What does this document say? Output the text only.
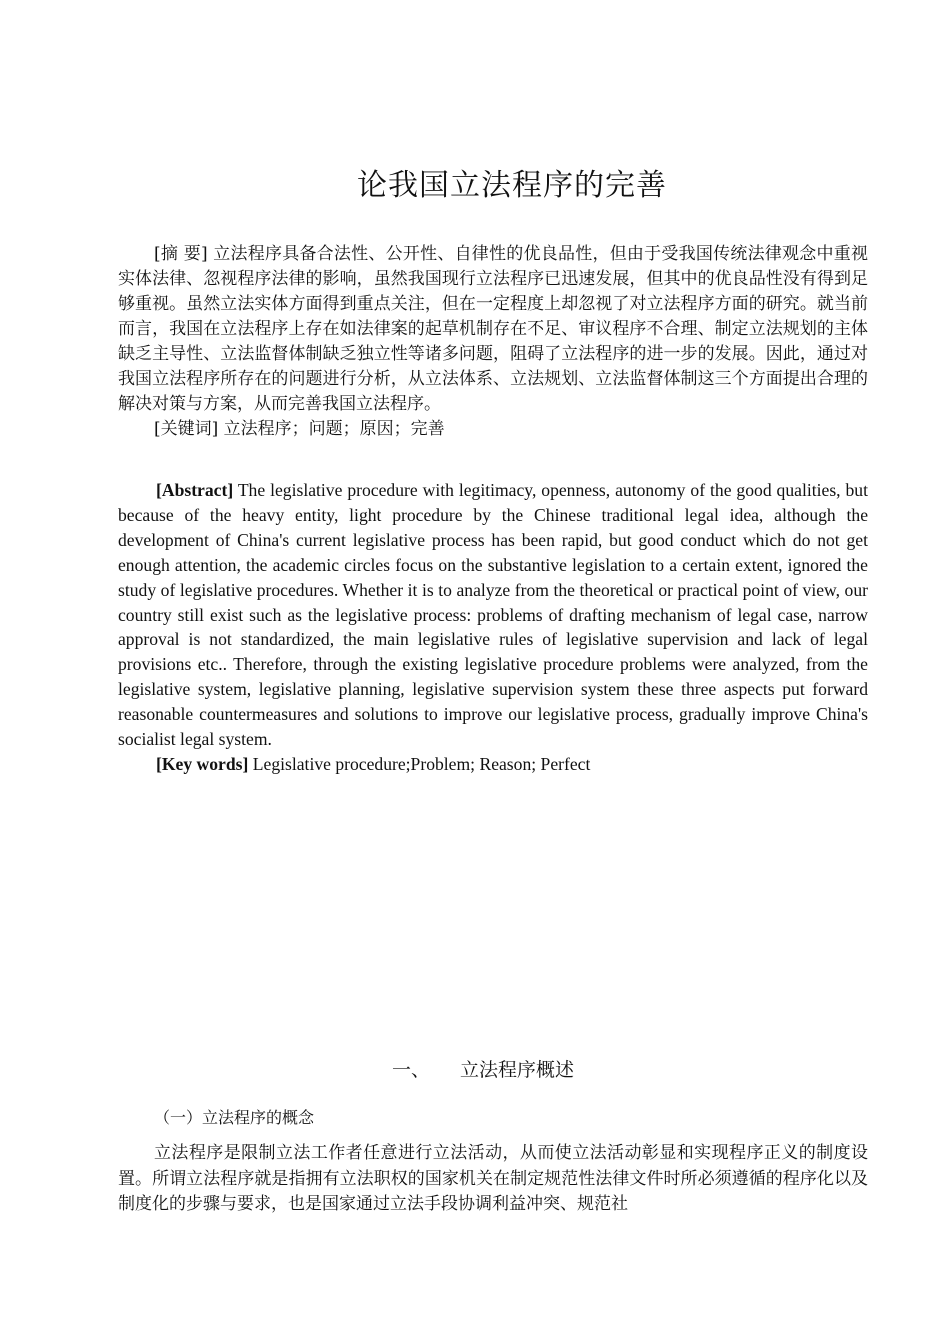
论我国立法程序的完善

[摘 要] 立法程序具备合法性、公开性、自律性的优良品性，但由于受我国传统法律观念中重视实体法律、忽视程序法律的影响，虽然我国现行立法程序已迅速发展，但其中的优良品性没有得到足够重视。虽然立法实体方面得到重点关注，但在一定程度上却忽视了对立法程序方面的研究。就当前而言，我国在立法程序上存在如法律案的起草机制存在不足、审议程序不合理、制定立法规划的主体缺乏主导性、立法监督体制缺乏独立性等诸多问题，阻碍了立法程序的进一步的发展。因此，通过对我国立法程序所存在的问题进行分析，从立法体系、立法规划、立法监督体制这三个方面提出合理的解决对策与方案，从而完善我国立法程序。

[关键词] 立法程序；问题；原因；完善

[Abstract] The legislative procedure with legitimacy, openness, autonomy of the good qualities, but because of the heavy entity, light procedure by the Chinese traditional legal idea, although the development of China's current legislative process has been rapid, but good conduct which do not get enough attention, the academic circles focus on the substantive legislation to a certain extent, ignored the study of legislative procedures. Whether it is to analyze from the theoretical or practical point of view, our country still exist such as the legislative process: problems of drafting mechanism of legal case, narrow approval is not standardized, the main legislative rules of legislative supervision and lack of legal provisions etc.. Therefore, through the existing legislative procedure problems were analyzed, from the legislative system, legislative planning, legislative supervision system these three aspects put forward reasonable countermeasures and solutions to improve our legislative process, gradually improve China's socialist legal system.

[Key words] Legislative procedure;Problem; Reason; Perfect

一、 立法程序概述
（一）立法程序的概念

立法程序是限制立法工作者任意进行立法活动，从而使立法活动彰显和实现程序正义的制度设置。所谓立法程序就是指拥有立法职权的国家机关在制定规范性法律文件时所必须遵循的程序化以及制度化的步骤与要求，也是国家通过立法手段协调利益冲突、规范社
